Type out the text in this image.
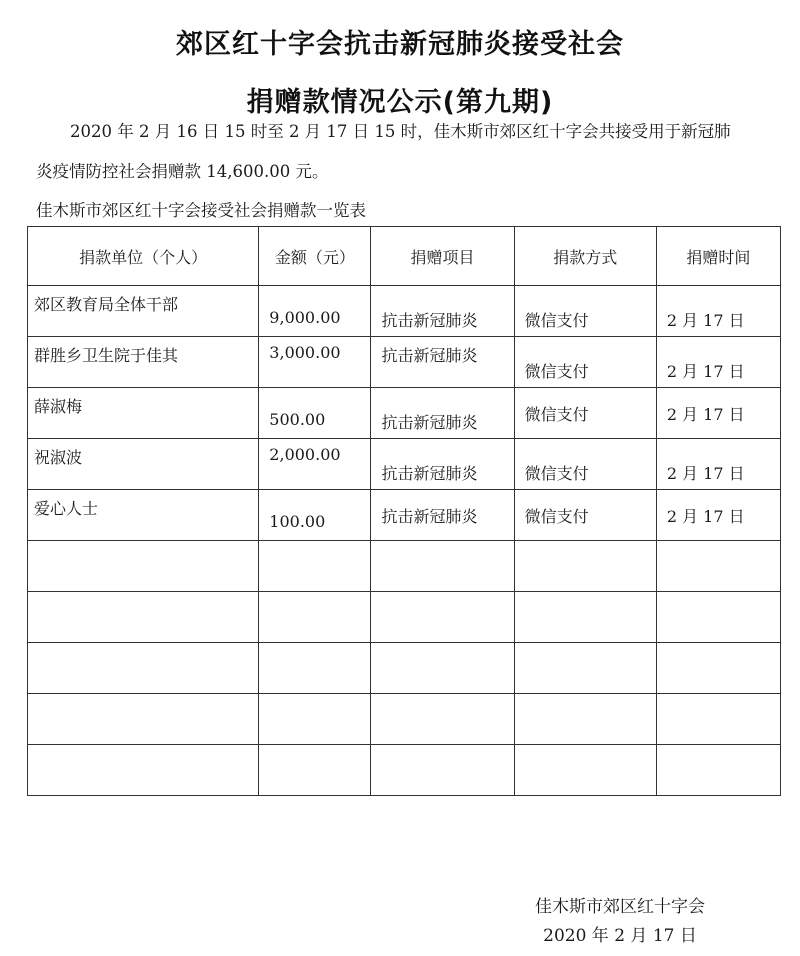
郊区红十字会抗击新冠肺炎接受社会
捐赠款情况公示(第九期)
2020 年 2 月 16 日 15 时至 2 月 17 日 15 时，佳木斯市郊区红十字会共接受用于新冠肺
炎疫情防控社会捐赠款 14,600.00 元。
佳木斯市郊区红十字会接受社会捐赠款一览表
捐款单位（个人）	金额（元）	捐赠项目	捐款方式	捐赠时间

郊区教育局全体干部	9,000.00	抗击新冠肺炎	微信支付	2 月 17 日

群胜乡卫生院于佳其	3,000.00	抗击新冠肺炎	微信支付	2 月 17 日

薛淑梅	500.00	抗击新冠肺炎	微信支付	2 月 17 日

祝淑波	2,000.00	抗击新冠肺炎	微信支付	2 月 17 日

爱心人士	100.00	抗击新冠肺炎	微信支付	2 月 17 日

佳木斯市郊区红十字会
2020 年 2 月 17 日
